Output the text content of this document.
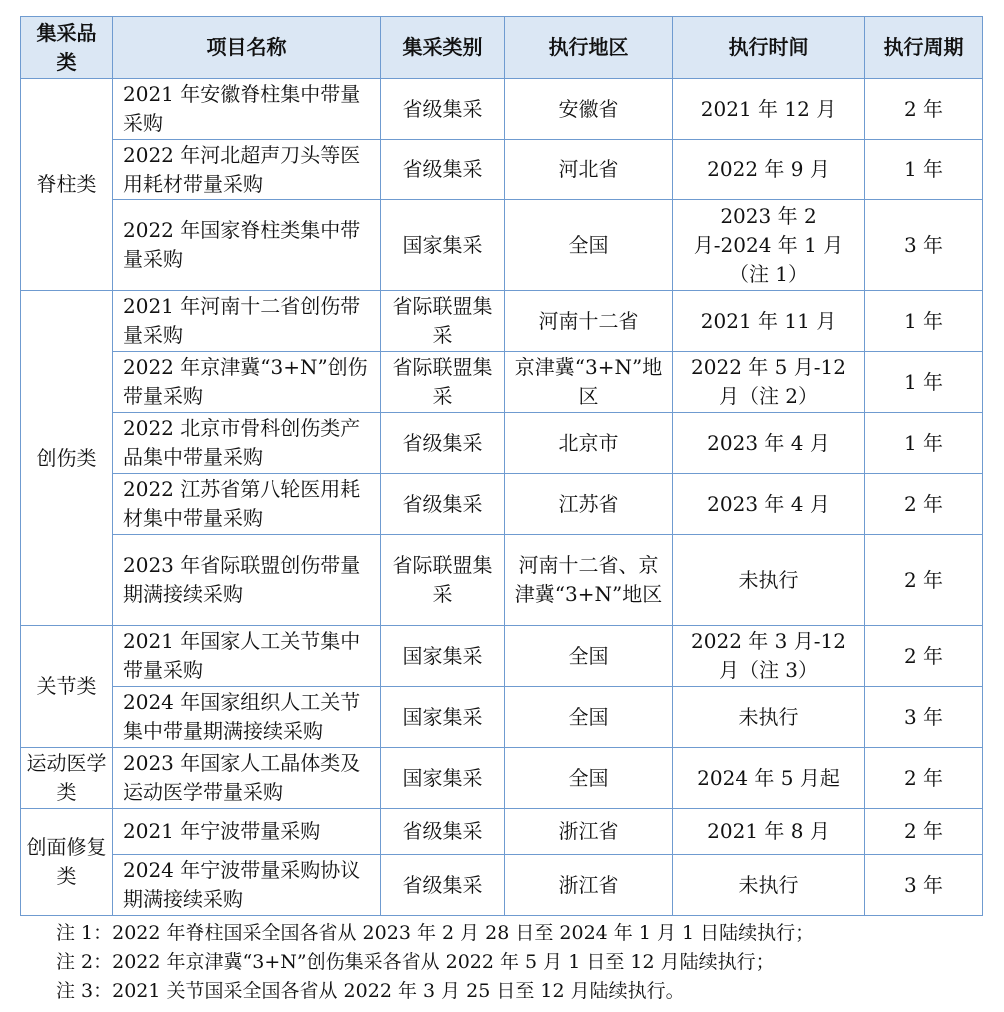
集采品类	项目名称	集采类别	执行地区	执行时间	执行周期
脊柱类	2021 年安徽脊柱集中带量采购	省级集采	安徽省	2021 年 12 月	2 年
	2022 年河北超声刀头等医用耗材带量采购	省级集采	河北省	2022 年 9 月	1 年
	2022 年国家脊柱类集中带量采购	国家集采	全国	2023 年 2 月-2024 年 1 月（注 1）	3 年
创伤类	2021 年河南十二省创伤带量采购	省际联盟集采	河南十二省	2021 年 11 月	1 年
	2022 年京津冀“3+N”创伤带量采购	省际联盟集采	京津冀“3+N”地区	2022 年 5 月-12 月（注 2）	1 年
	2022 北京市骨科创伤类产品集中带量采购	省级集采	北京市	2023 年 4 月	1 年
	2022 江苏省第八轮医用耗材集中带量采购	省级集采	江苏省	2023 年 4 月	2 年
	2023 年省际联盟创伤带量期满接续采购	省际联盟集采	河南十二省、京津冀“3+N”地区	未执行	2 年
关节类	2021 年国家人工关节集中带量采购	国家集采	全国	2022 年 3 月-12 月（注 3）	2 年
	2024 年国家组织人工关节集中带量期满接续采购	国家集采	全国	未执行	3 年
运动医学类	2023 年国家人工晶体类及运动医学带量采购	国家集采	全国	2024 年 5 月起	2 年
创面修复类	2021 年宁波带量采购	省级集采	浙江省	2021 年 8 月	2 年
	2024 年宁波带量采购协议期满接续采购	省级集采	浙江省	未执行	3 年
注 1：2022 年脊柱国采全国各省从 2023 年 2 月 28 日至 2024 年 1 月 1 日陆续执行；
注 2：2022 年京津冀“3+N”创伤集采各省从 2022 年 5 月 1 日至 12 月陆续执行；
注 3：2021 关节国采全国各省从 2022 年 3 月 25 日至 12 月陆续执行。
